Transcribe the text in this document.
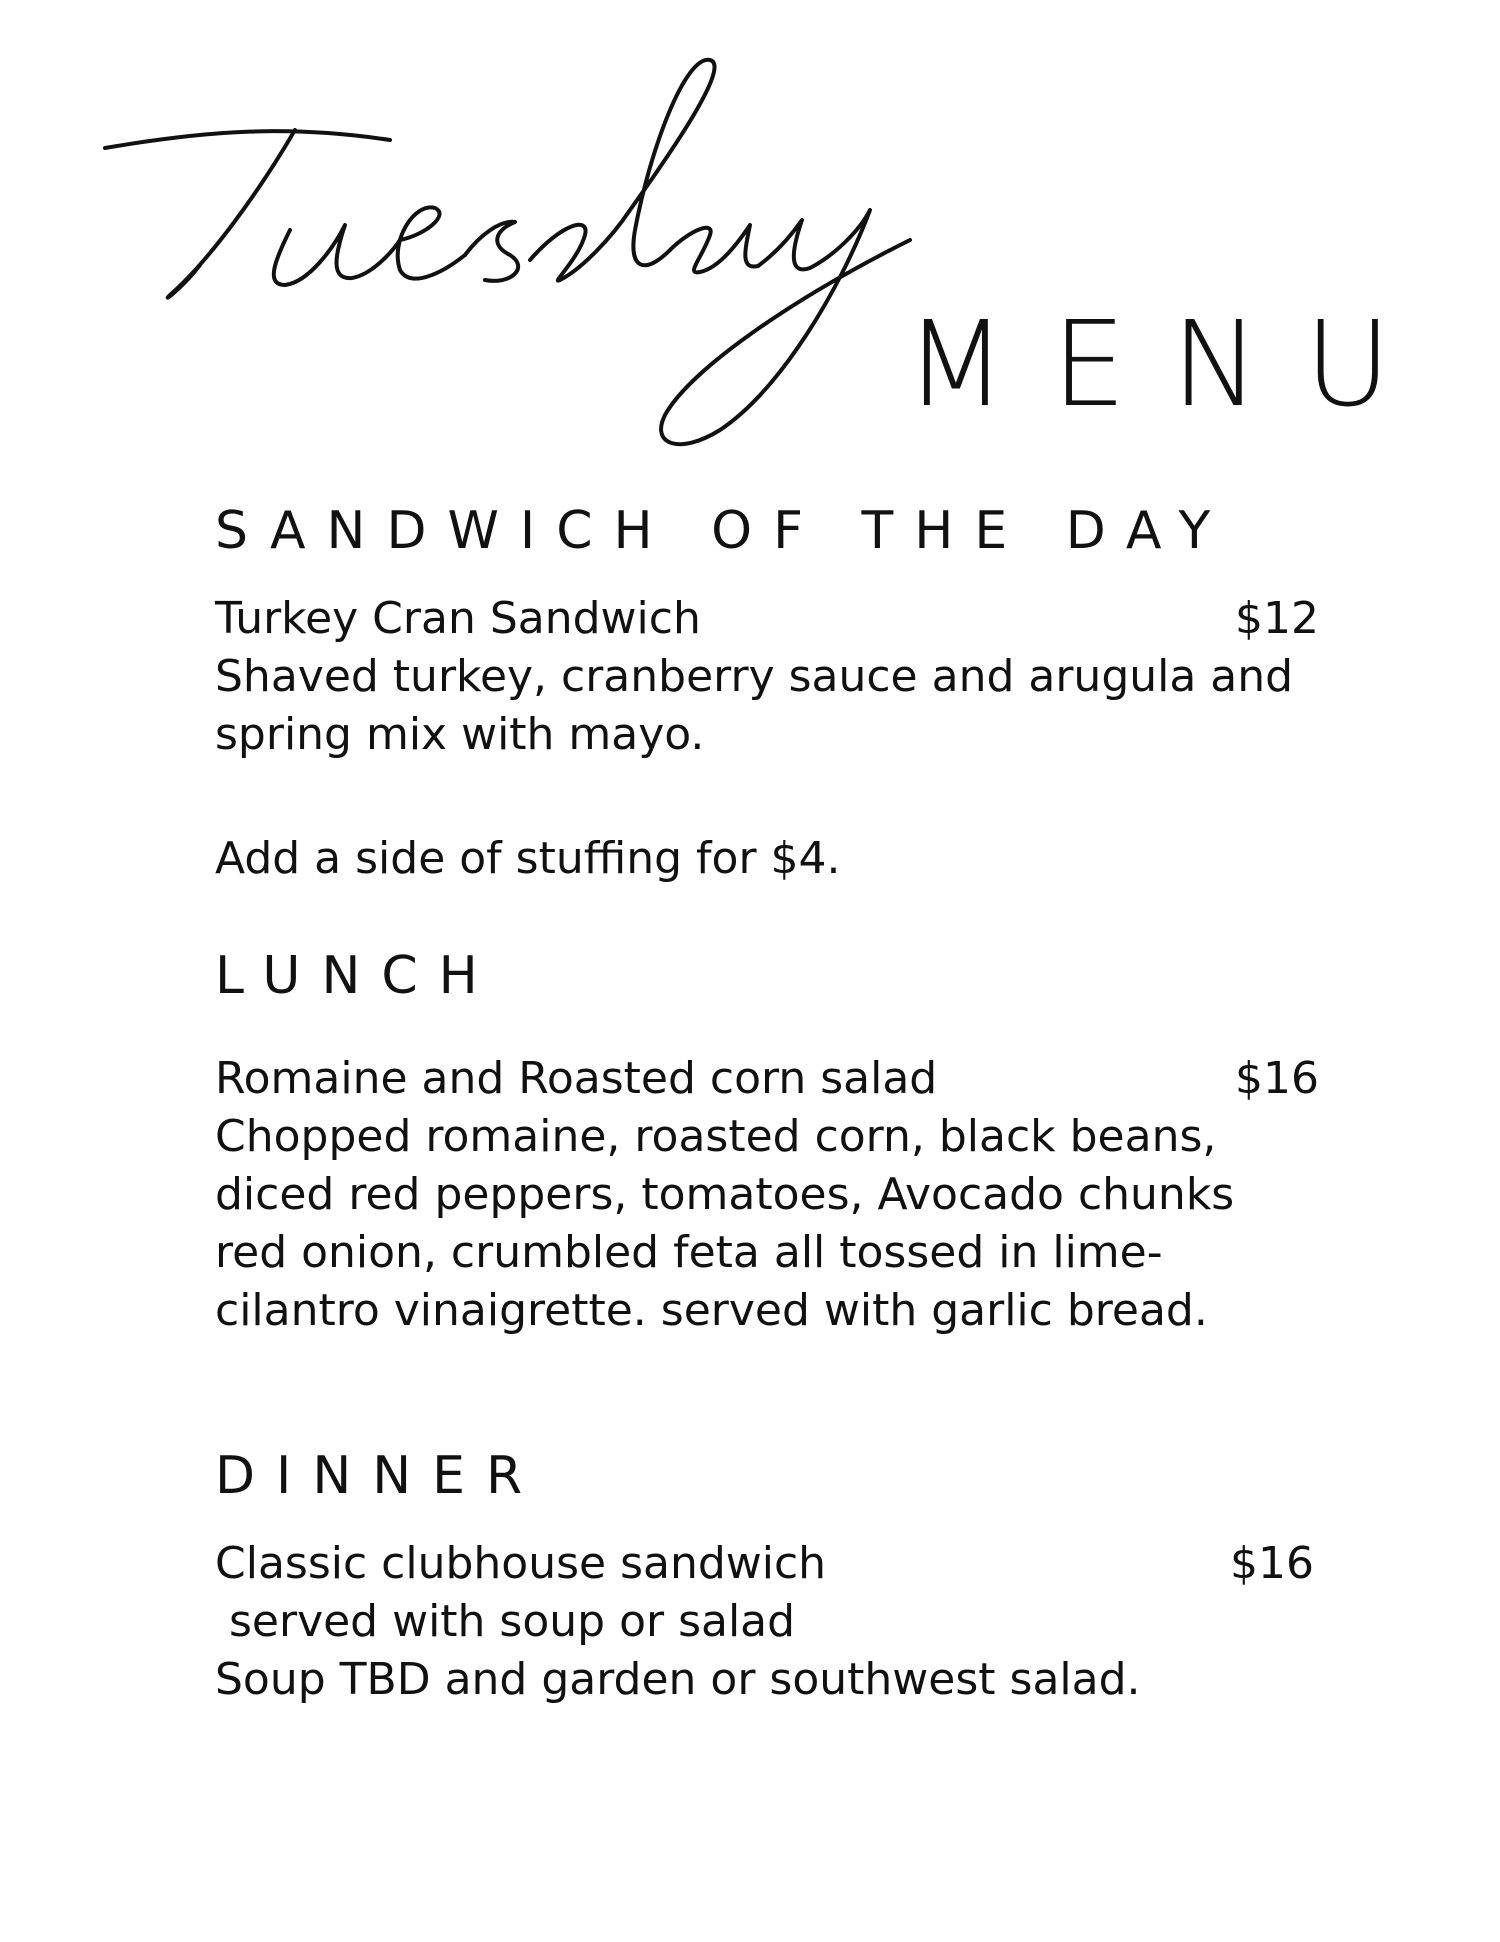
MENU
SANDWICH OF THE DAY
Turkey Cran Sandwich	$12
Shaved turkey, cranberry sauce and arugula and
spring mix with mayo.
Add a side of stuffing for $4.
LUNCH
Romaine and Roasted corn salad	$16
Chopped romaine, roasted corn, black beans,
diced red peppers, tomatoes, Avocado chunks
red onion, crumbled feta all tossed in lime-
cilantro vinaigrette. served with garlic bread.
DINNER
Classic clubhouse sandwich	$16
served with soup or salad
Soup TBD and garden or southwest salad.
